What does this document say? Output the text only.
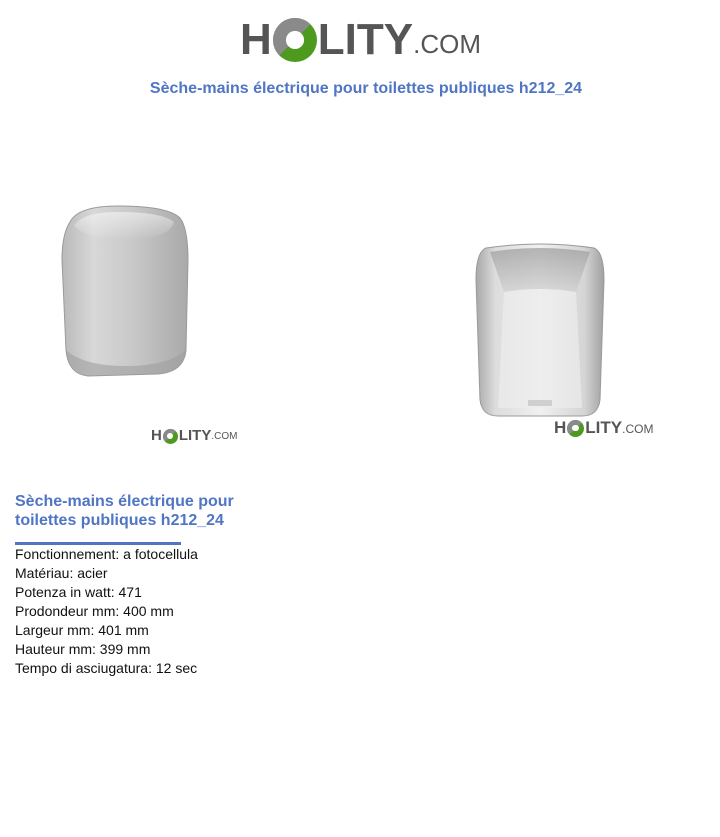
H LITY .COM
Sèche-mains électrique pour toilettes publiques h212_24
H LITY .COM	H LITY .COM
Sèche-mains électrique pour toilettes publiques h212_24
Fonctionnement: a fotocellula
Matériau: acier
Potenza in watt: 471
Prodondeur mm: 400 mm
Largeur mm: 401 mm
Hauteur mm: 399 mm
Tempo di asciugatura: 12 sec
